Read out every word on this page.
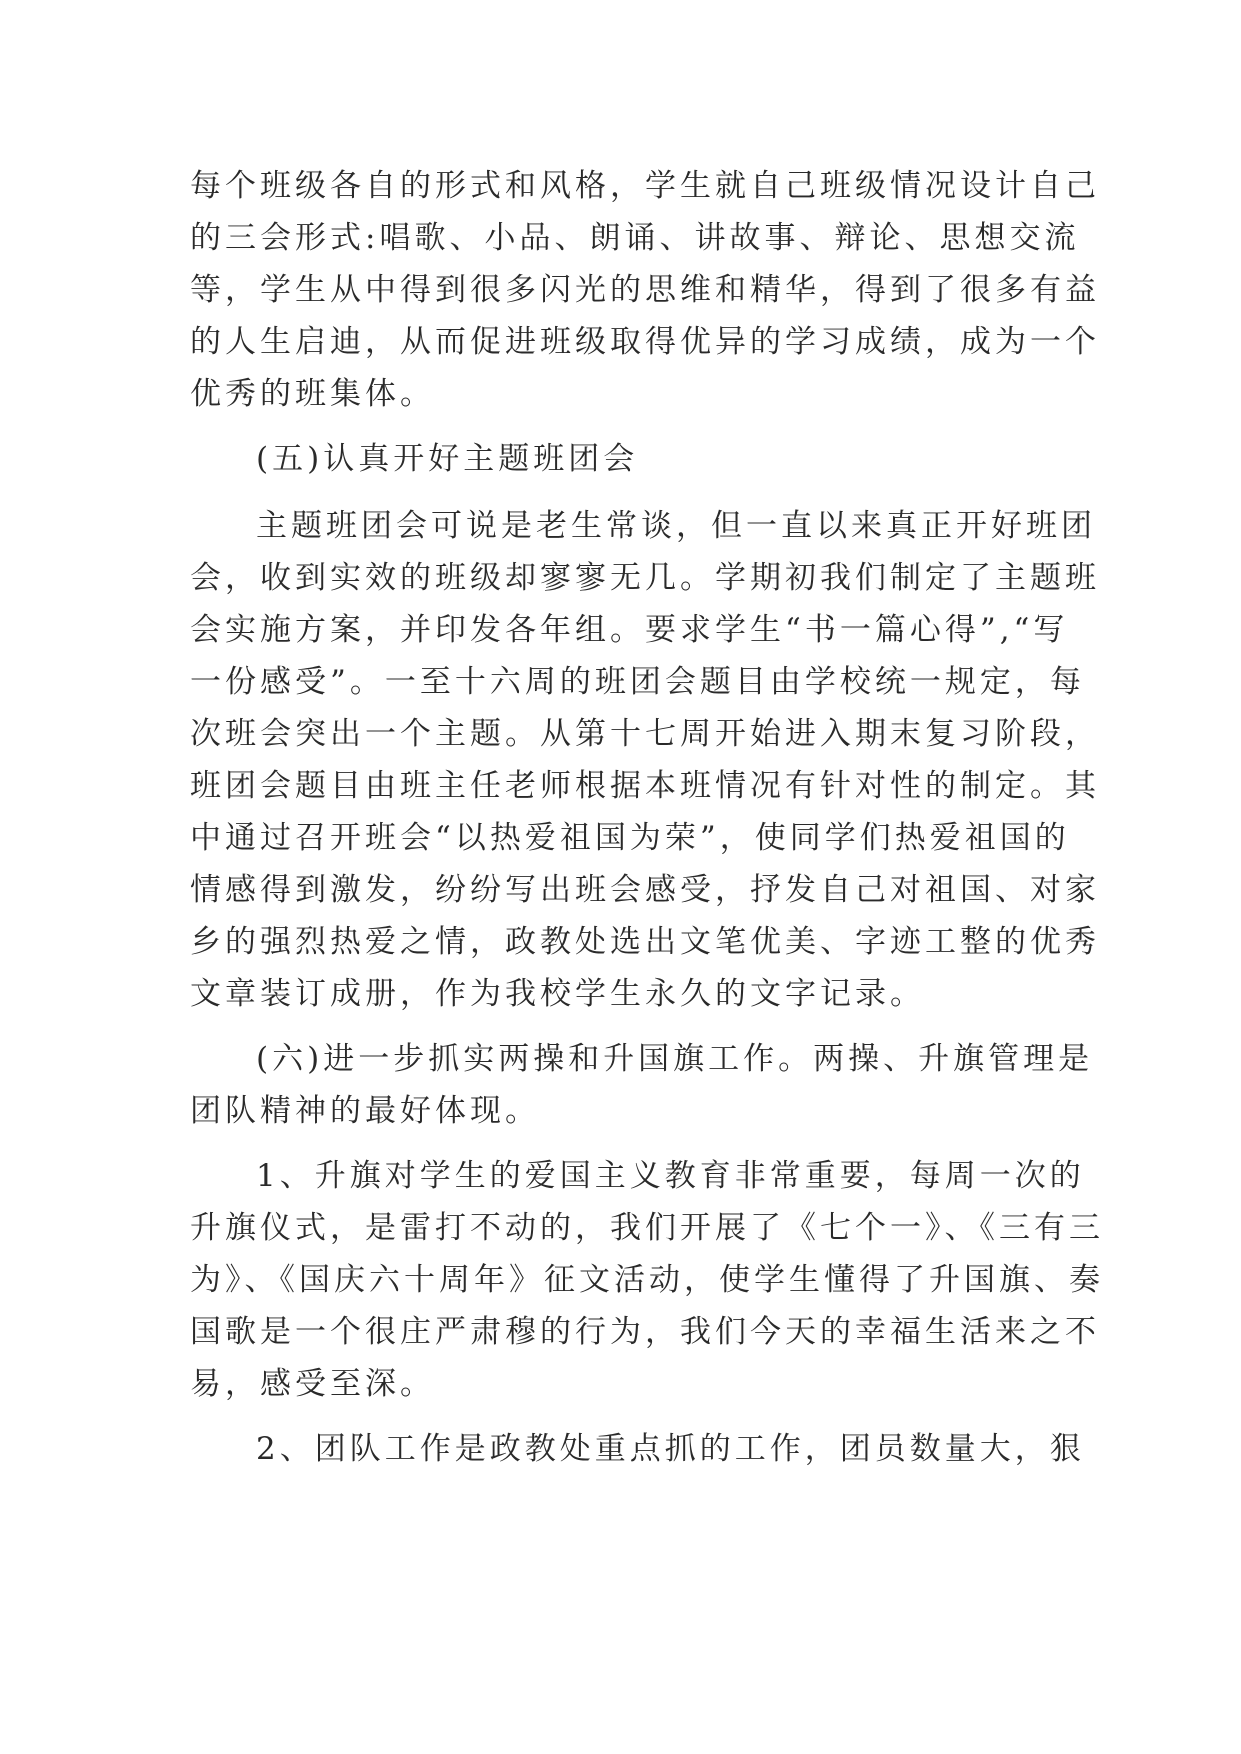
每个班级各自的形式和风格，学生就自己班级情况设计自己
的三会形式:唱歌、小品、朗诵、讲故事、辩论、思想交流
等，学生从中得到很多闪光的思维和精华，得到了很多有益
的人生启迪，从而促进班级取得优异的学习成绩，成为一个
优秀的班集体。
(五)认真开好主题班团会
主题班团会可说是老生常谈，但一直以来真正开好班团
会，收到实效的班级却寥寥无几。学期初我们制定了主题班
会实施方案，并印发各年组。要求学生“书一篇心得”,“写
一份感受”。一至十六周的班团会题目由学校统一规定，每
次班会突出一个主题。从第十七周开始进入期末复习阶段，
班团会题目由班主任老师根据本班情况有针对性的制定。其
中通过召开班会“以热爱祖国为荣”，使同学们热爱祖国的
情感得到激发，纷纷写出班会感受，抒发自己对祖国、对家
乡的强烈热爱之情，政教处选出文笔优美、字迹工整的优秀
文章装订成册，作为我校学生永久的文字记录。
(六)进一步抓实两操和升国旗工作。两操、升旗管理是
团队精神的最好体现。
1、升旗对学生的爱国主义教育非常重要，每周一次的
升旗仪式，是雷打不动的，我们开展了《七个一》、《三有三
为》、《国庆六十周年》征文活动，使学生懂得了升国旗、奏
国歌是一个很庄严肃穆的行为，我们今天的幸福生活来之不
易，感受至深。
2、团队工作是政教处重点抓的工作，团员数量大，狠
